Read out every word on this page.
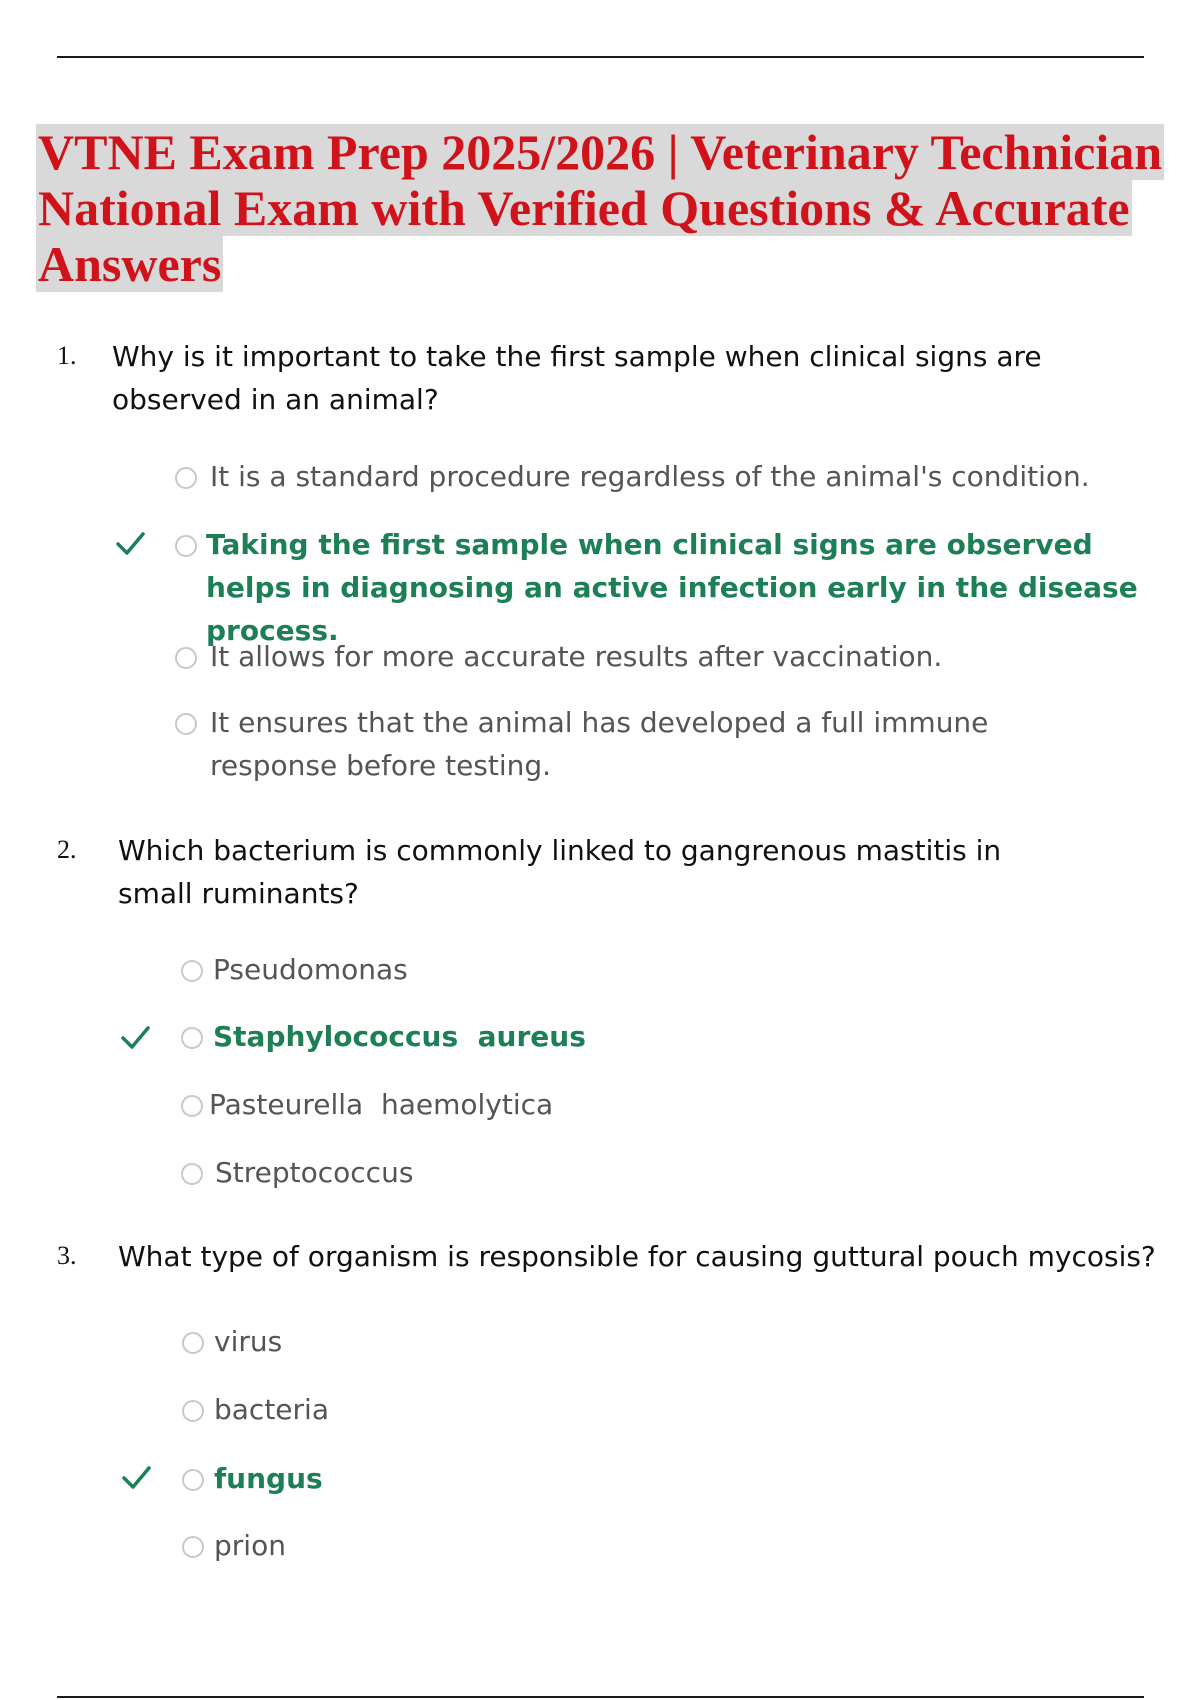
VTNE Exam Prep 2025/2026 | Veterinary Technician National Exam with Verified Questions & Accurate Answers
1. Why is it important to take the first sample when clinical signs are observed in an animal?
It is a standard procedure regardless of the animal's condition.
Taking the first sample when clinical signs are observed helps in diagnosing an active infection early in the disease process.
It allows for more accurate results after vaccination.
It ensures that the animal has developed a full immune response before testing.
2. Which bacterium is commonly linked to gangrenous mastitis in small ruminants?
Pseudomonas
Staphylococcus  aureus
Pasteurella  haemolytica
Streptococcus
3. What type of organism is responsible for causing guttural pouch mycosis?
virus
bacteria
fungus
prion
